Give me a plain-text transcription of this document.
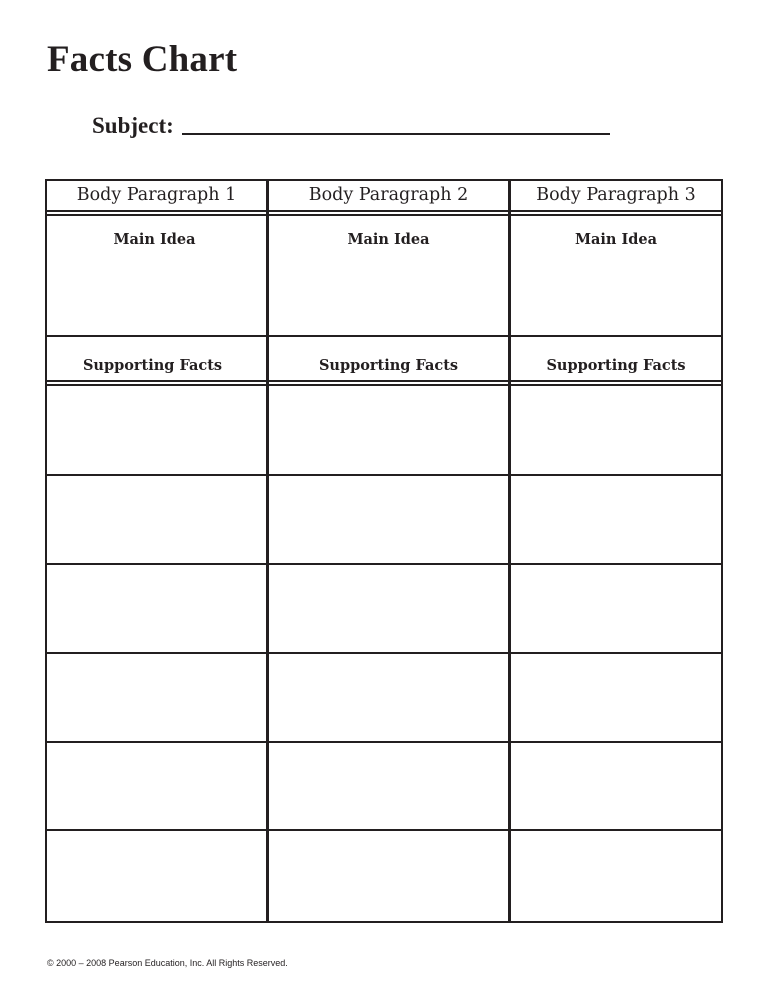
Facts Chart
Subject:
Body Paragraph 1
Main Idea
Supporting Facts
Body Paragraph 2
Main Idea
Supporting Facts
Body Paragraph 3
Main Idea
Supporting Facts
© 2000 – 2008 Pearson Education, Inc. All Rights Reserved.
